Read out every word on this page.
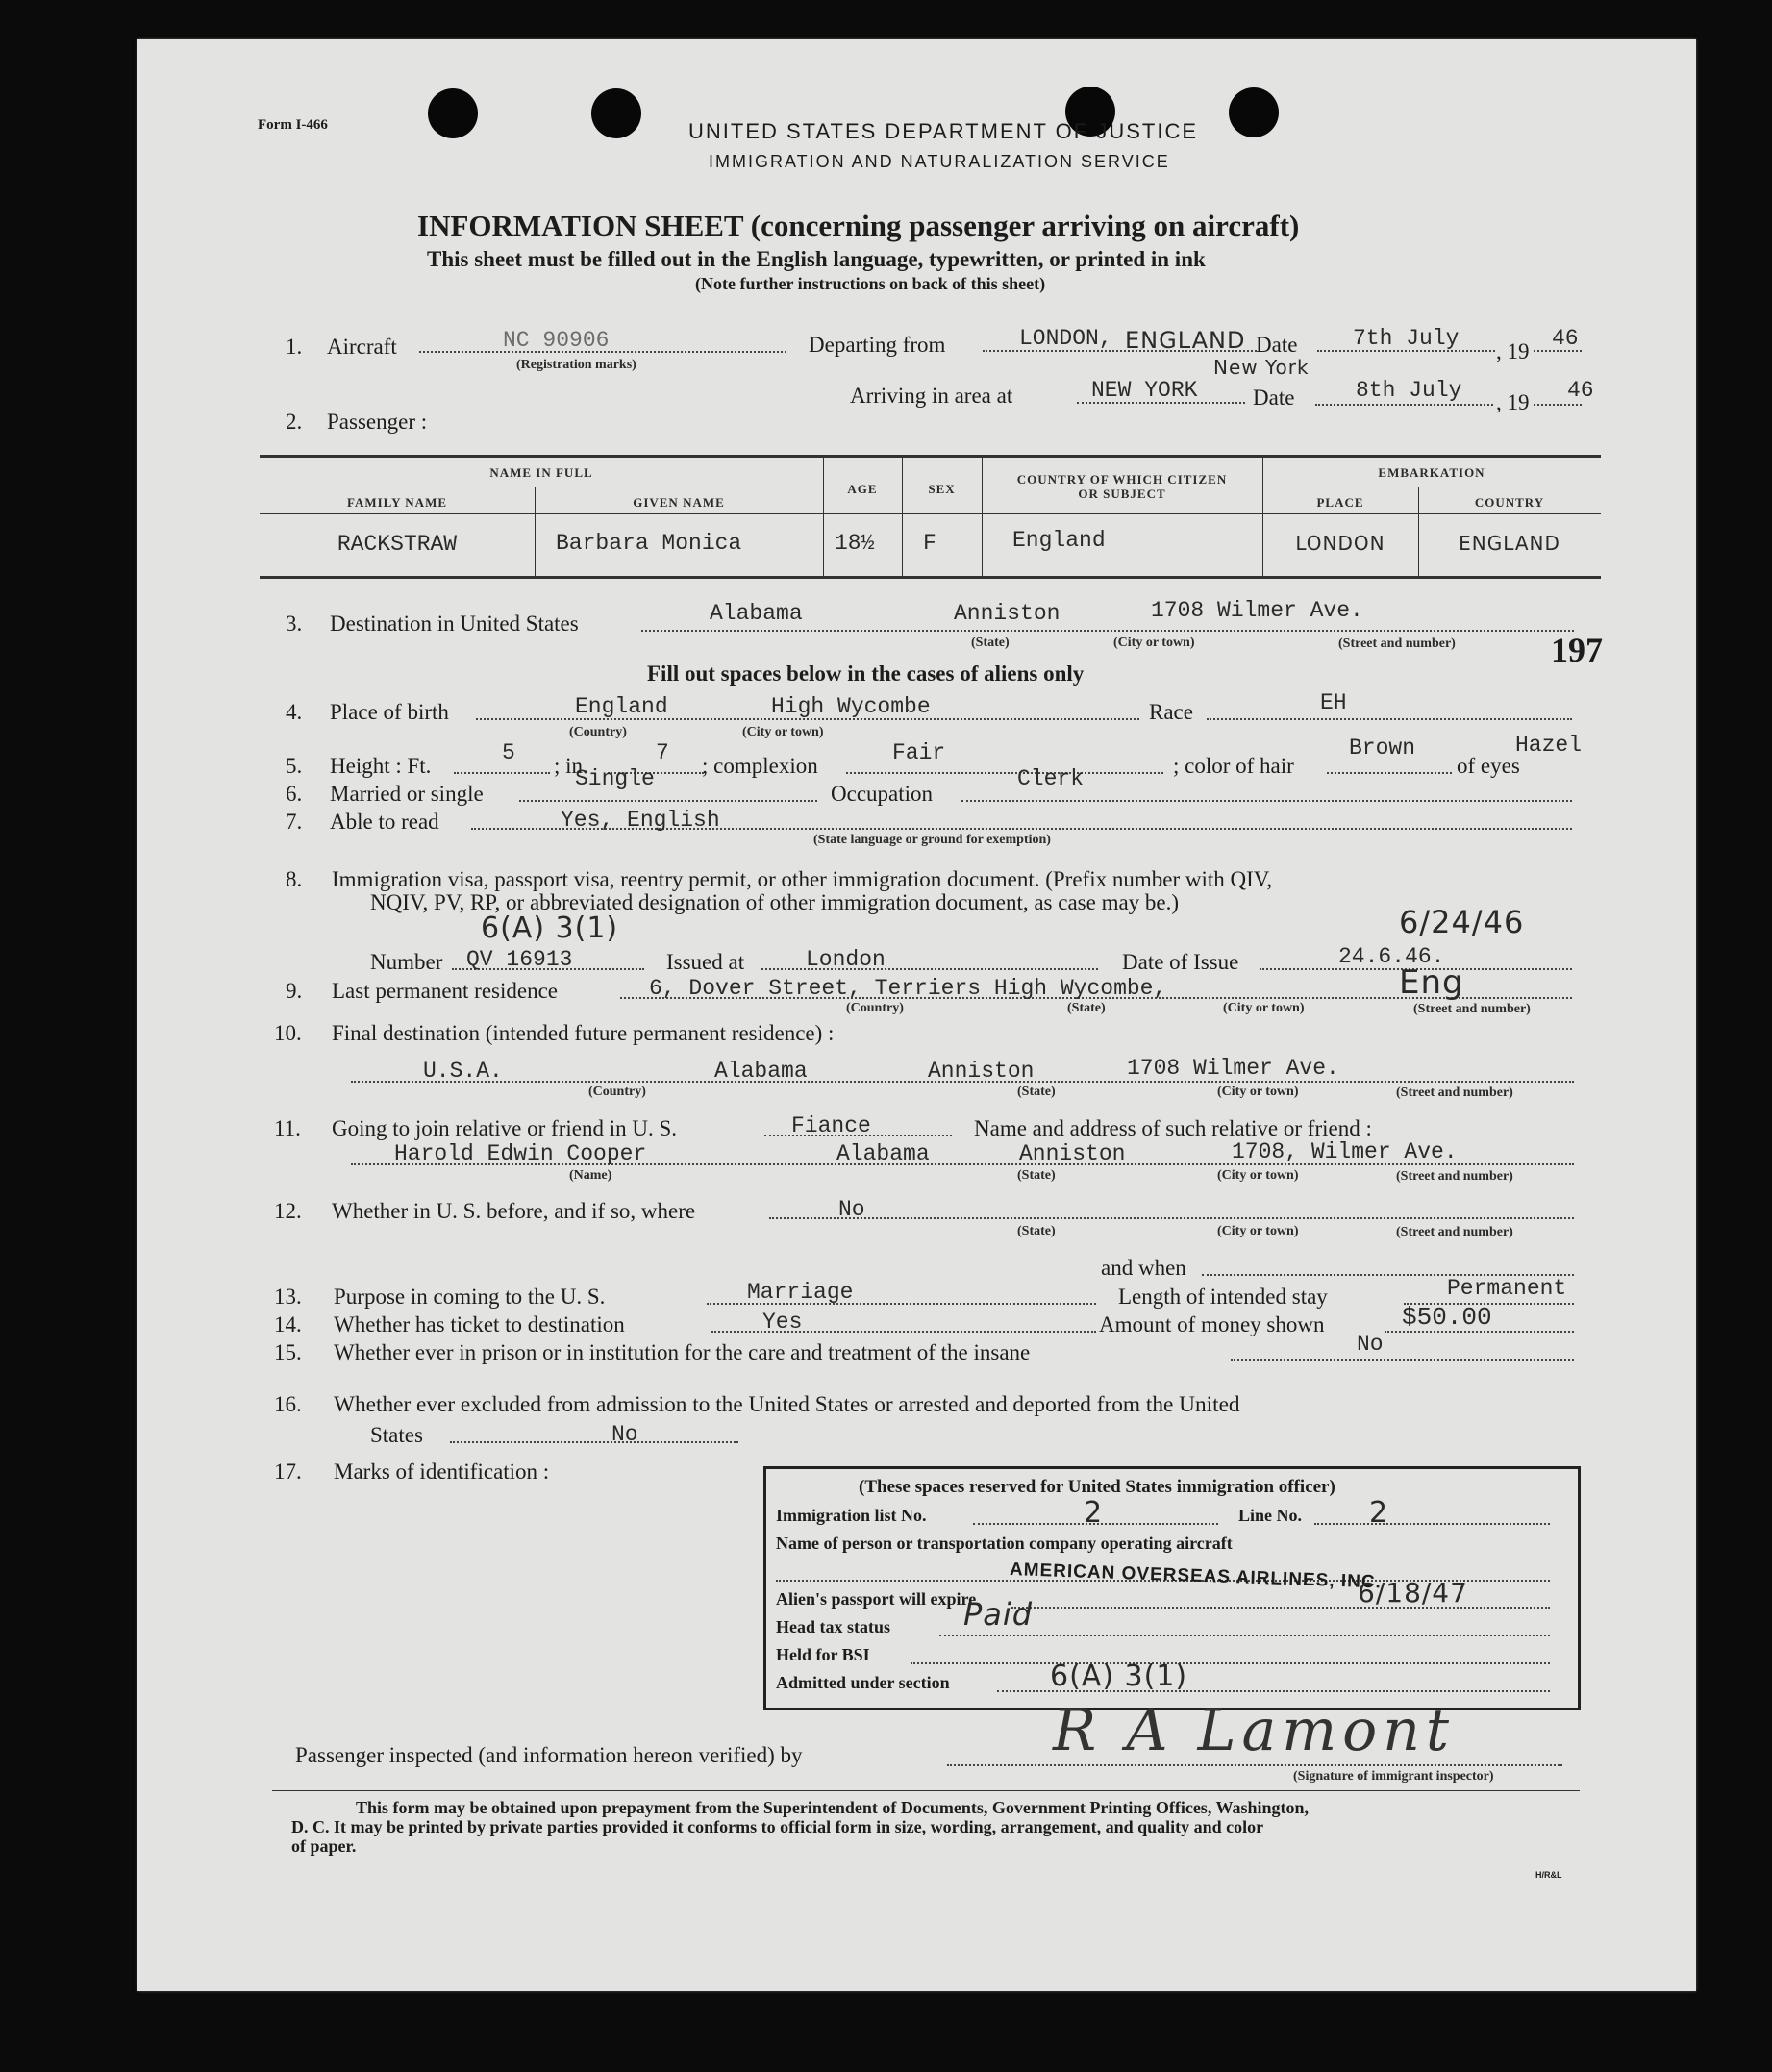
Form I-466	UNITED STATES DEPARTMENT OF JUSTICE
IMMIGRATION AND NATURALIZATION SERVICE
INFORMATION SHEET (concerning passenger arriving on aircraft)
This sheet must be filled out in the English language, typewritten, or printed in ink
(Note further instructions on back of this sheet)
1. Aircraft	NC 90906
(Registration marks)
Departing from	LONDON, ENGLAND Date	7th July
, 19
46
Arriving in area at	NEW YORK
New York
Date	8th July , 19 46
2. Passenger :
NAME IN FULL
FAMILY NAME	GIVEN NAME
AGE	SEX
COUNTRY OF WHICH CITIZEN
OR SUBJECT
EMBARKATION
PLACE	COUNTRY
RACKSTRAW	Barbara Monica	18½ F	England	LONDON	ENGLAND
3. Destination in United States	Alabama	Anniston	1708 Wilmer Ave.
(State)	(City or town)	(Street and number)	197
Fill out spaces below in the cases of aliens only
4. Place of birth	England	High Wycombe
(Country)	(City or town)
Race	EH
5. Height : Ft.
5
; in.
7
; complexion
Fair
; color of hair
Brown
of eyes
Hazel
6. Married or single
Single
Occupation
Clerk
7. Able to read	Yes, English
(State language or ground for exemption)
8. Immigration visa, passport visa, reentry permit, or other immigration document. (Prefix number with QIV,
NQIV, PV, RP, or abbreviated designation of other immigration document, as case may be.)
6(A) 3(1)	6/24/46
Number QV 16913	Issued at	London	Date of Issue	24.6.46.
9. Last permanent residence	6, Dover Street, Terriers High Wycombe,	Eng
(Country)	(State)	(City or town)	(Street and number)
10. Final destination (intended future permanent residence) :
U.S.A.	Alabama	Anniston	1708 Wilmer Ave.
(Country)	(State)	(City or town)	(Street and number)
11. Going to join relative or friend in U. S.	Fiance	Name and address of such relative or friend :
Harold Edwin Cooper	Alabama	Anniston	1708, Wilmer Ave.
(Name)	(State)	(City or town)	(Street and number)
12. Whether in U. S. before, and if so, where	No
(State)	(City or town)	(Street and number)
and when
13. Purpose in coming to the U. S.	Marriage	Length of intended stay	Permanent
14. Whether has ticket to destination	Yes	Amount of money shown	$50.00
15. Whether ever in prison or in institution for the care and treatment of the insane	No
16. Whether ever excluded from admission to the United States or arrested and deported from the United
States	No
17. Marks of identification :
(These spaces reserved for United States immigration officer)
Immigration list No.	2	Line No. 2
Name of person or transportation company operating aircraft
AMERICAN OVERSEAS AIRLINES, INC.
6/18/47
Alien's passport will expire
Paid
Head tax status
Held for BSI
Admitted under section	6(A) 3(1)
Passenger inspected (and information hereon verified) by	R A Lamont
(Signature of immigrant inspector)
This form may be obtained upon prepayment from the Superintendent of Documents, Government Printing Offices, Washington,
D. C. It may be printed by private parties provided it conforms to official form in size, wording, arrangement, and quality and color
of paper.
H/R&L
